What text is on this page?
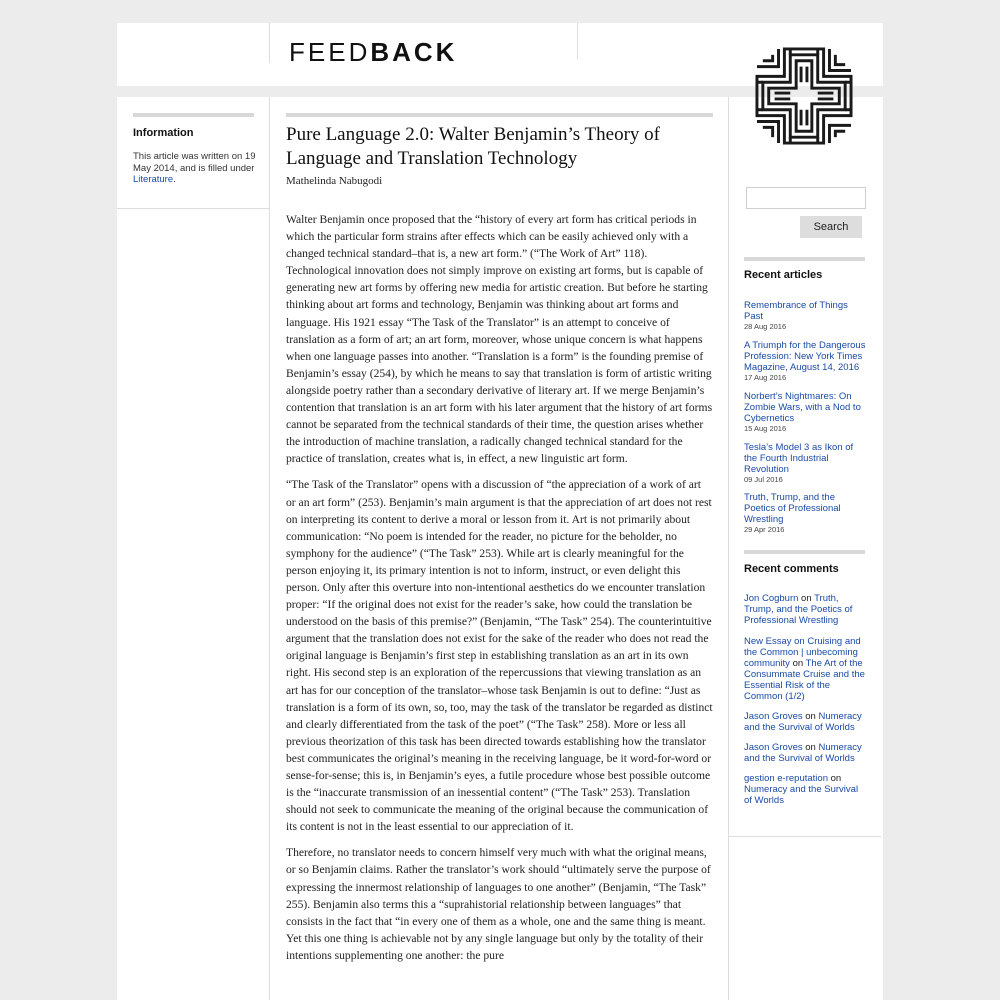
FEEDBACK
Information
This article was written on 19 May 2014, and is filled under Literature.
Pure Language 2.0: Walter Benjamin’s Theory of Language and Translation Technology
Mathelinda Nabugodi

Walter Benjamin once proposed that the “history of every art form has critical periods in which the particular form strains after effects which can be easily achieved only with a changed technical standard–that is, a new art form.” (“The Work of Art” 118). Technological innovation does not simply improve on existing art forms, but is capable of generating new art forms by offering new media for artistic creation. But before he starting thinking about art forms and technology, Benjamin was thinking about art forms and language. His 1921 essay “The Task of the Translator” is an attempt to conceive of translation as a form of art; an art form, moreover, whose unique concern is what happens when one language passes into another. “Translation is a form” is the founding premise of Benjamin’s essay (254), by which he means to say that translation is form of artistic writing alongside poetry rather than a secondary derivative of literary art. If we merge Benjamin’s contention that translation is an art form with his later argument that the history of art forms cannot be separated from the technical standards of their time, the question arises whether the introduction of machine translation, a radically changed technical standard for the practice of translation, creates what is, in effect, a new linguistic art form.

“The Task of the Translator” opens with a discussion of “the appreciation of a work of art or an art form” (253). Benjamin’s main argument is that the appreciation of art does not rest on interpreting its content to derive a moral or lesson from it. Art is not primarily about communication: “No poem is intended for the reader, no picture for the beholder, no symphony for the audience” (“The Task” 253). While art is clearly meaningful for the person enjoying it, its primary intention is not to inform, instruct, or even delight this person. Only after this overture into non-intentional aesthetics do we encounter translation proper: “If the original does not exist for the reader’s sake, how could the translation be understood on the basis of this premise?” (Benjamin, “The Task” 254). The counterintuitive argument that the translation does not exist for the sake of the reader who does not read the original language is Benjamin’s first step in establishing translation as an art in its own right. His second step is an exploration of the repercussions that viewing translation as an art has for our conception of the translator–whose task Benjamin is out to define: “Just as translation is a form of its own, so, too, may the task of the translator be regarded as distinct and clearly differentiated from the task of the poet” (“The Task” 258). More or less all previous theorization of this task has been directed towards establishing how the translator best communicates the original’s meaning in the receiving language, be it word-for-word or sense-for-sense; this is, in Benjamin’s eyes, a futile procedure whose best possible outcome is the “inaccurate transmission of an inessential content” (“The Task” 253). Translation should not seek to communicate the meaning of the original because the communication of its content is not in the least essential to our appreciation of it.

Therefore, no translator needs to concern himself very much with what the original means, or so Benjamin claims. Rather the translator’s work should “ultimately serve the purpose of expressing the innermost relationship of languages to one another” (Benjamin, “The Task” 255). Benjamin also terms this a “suprahistorial relationship between languages” that consists in the fact that “in every one of them as a whole, one and the same thing is meant. Yet this one thing is achievable not by any single language but only by the totality of their intentions supplementing one another: the pure

Search
Recent articles
Remembrance of Things Past
28 Aug 2016
A Triumph for the Dangerous Profession: New York Times Magazine, August 14, 2016
17 Aug 2016
Norbert’s Nightmares: On Zombie Wars, with a Nod to Cybernetics
15 Aug 2016
Tesla’s Model 3 as Ikon of the Fourth Industrial Revolution
09 Jul 2016
Truth, Trump, and the Poetics of Professional Wrestling
29 Apr 2016
Recent comments
Jon Cogburn on Truth, Trump, and the Poetics of Professional Wrestling
New Essay on Cruising and the Common | unbecoming community on The Art of the Consummate Cruise and the Essential Risk of the Common (1/2)
Jason Groves on Numeracy and the Survival of Worlds
Jason Groves on Numeracy and the Survival of Worlds
gestion e-reputation on Numeracy and the Survival of Worlds
